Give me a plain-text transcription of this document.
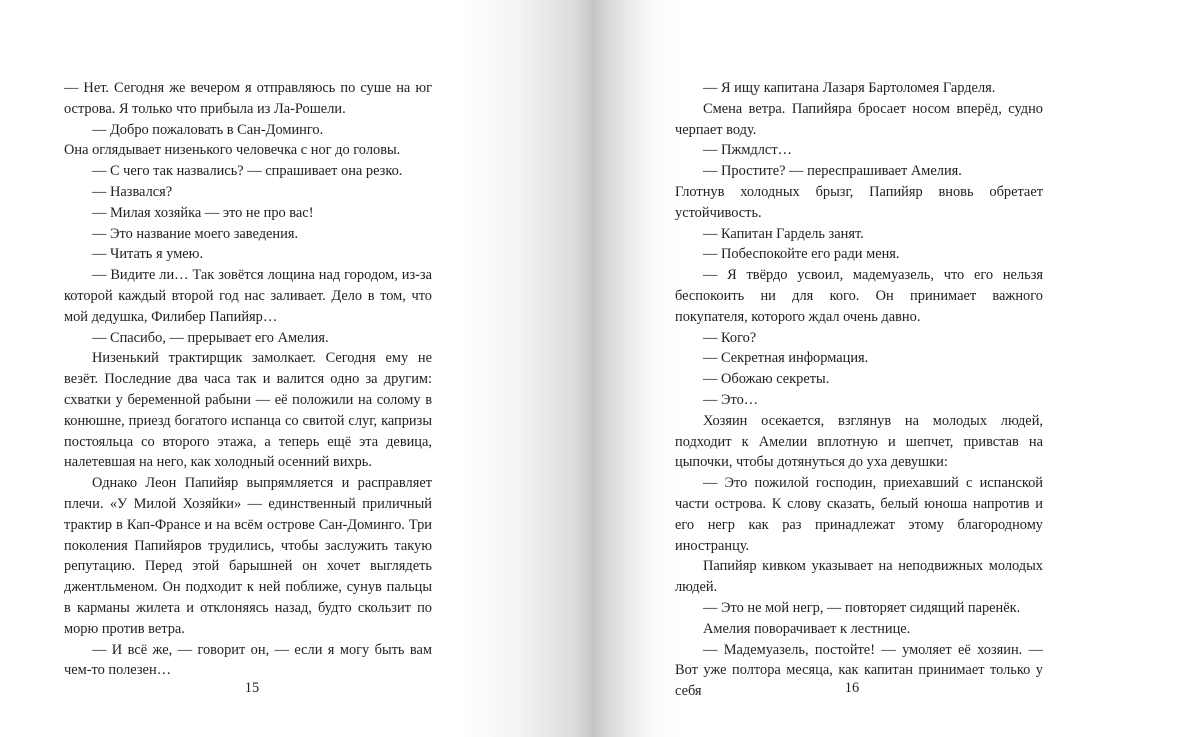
— Нет. Сегодня же вечером я отправляюсь по суше на юг острова. Я только что прибыла из Ла-Рошели.

— Добро пожаловать в Сан-Доминго.

Она оглядывает низенького человечка с ног до головы.

— С чего так назвались? — спрашивает она резко.

— Назвался?

— Милая хозяйка — это не про вас!

— Это название моего заведения.

— Читать я умею.

— Видите ли… Так зовётся лощина над городом, из-за которой каждый второй год нас заливает. Дело в том, что мой дедушка, Филибер Папийяр…

— Спасибо, — прерывает его Амелия.

Низенький трактирщик замолкает. Сегодня ему не везёт. Последние два часа так и валится одно за другим: схватки у беременной рабыни — её положили на солому в конюшне, приезд богатого испанца со свитой слуг, капризы постояльца со второго этажа, а теперь ещё эта девица, налетевшая на него, как холодный осенний вихрь.

Однако Леон Папийяр выпрямляется и расправляет плечи. «У Милой Хозяйки» — единственный приличный трактир в Кап-Франсе и на всём острове Сан-Доминго. Три поколения Папийяров трудились, чтобы заслужить такую репутацию. Перед этой барышней он хочет выглядеть джентльменом. Он подходит к ней поближе, сунув пальцы в карманы жилета и отклоняясь назад, будто скользит по морю против ветра.

— И всё же, — говорит он, — если я могу быть вам чем-то полезен…

15

— Я ищу капитана Лазаря Бартоломея Гарделя.

Смена ветра. Папийяра бросает носом вперёд, судно черпает воду.

— Пжмдлст…

— Простите? — переспрашивает Амелия.

Глотнув холодных брызг, Папийяр вновь обретает устойчивость.

— Капитан Гардель занят.

— Побеспокойте его ради меня.

— Я твёрдо усвоил, мадемуазель, что его нельзя беспокоить ни для кого. Он принимает важного покупателя, которого ждал очень давно.

— Кого?

— Секретная информация.

— Обожаю секреты.

— Это…

Хозяин осекается, взглянув на молодых людей, подходит к Амелии вплотную и шепчет, привстав на цыпочки, чтобы дотянуться до уха девушки:

— Это пожилой господин, приехавший с испанской части острова. К слову сказать, белый юноша напротив и его негр как раз принадлежат этому благородному иностранцу.

Папийяр кивком указывает на неподвижных молодых людей.

— Это не мой негр, — повторяет сидящий паренёк.

Амелия поворачивает к лестнице.

— Мадемуазель, постойте! — умоляет её хозяин. — Вот уже полтора месяца, как капитан принимает только у себя	16
